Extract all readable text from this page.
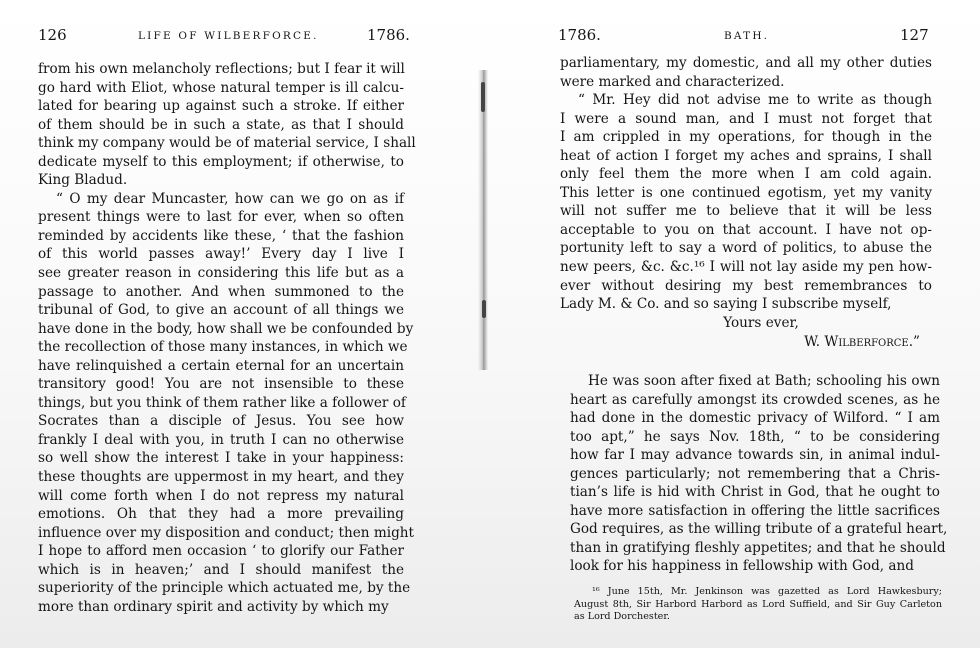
126	LIFE OF WILBERFORCE.	1786.
from his own melancholy reflections; but I fear it will
go hard with Eliot, whose natural temper is ill calcu-
lated for bearing up against such a stroke. If either
of them should be in such a state, as that I should
think my company would be of material service, I shall
dedicate myself to this employment; if otherwise, to
King Bladud.
“ O my dear Muncaster, how can we go on as if
present things were to last for ever, when so often
reminded by accidents like these, ‘ that the fashion
of this world passes away!’ Every day I live I
see greater reason in considering this life but as a
passage to another. And when summoned to the
tribunal of God, to give an account of all things we
have done in the body, how shall we be confounded by
the recollection of those many instances, in which we
have relinquished a certain eternal for an uncertain
transitory good! You are not insensible to these
things, but you think of them rather like a follower of
Socrates than a disciple of Jesus. You see how
frankly I deal with you, in truth I can no otherwise
so well show the interest I take in your happiness:
these thoughts are uppermost in my heart, and they
will come forth when I do not repress my natural
emotions. Oh that they had a more prevailing
influence over my disposition and conduct; then might
I hope to afford men occasion ‘ to glorify our Father
which is in heaven;’ and I should manifest the
superiority of the principle which actuated me, by the
more than ordinary spirit and activity by which my
1786.	BATH.	127
parliamentary, my domestic, and all my other duties
were marked and characterized.
“ Mr. Hey did not advise me to write as though
I were a sound man, and I must not forget that
I am crippled in my operations, for though in the
heat of action I forget my aches and sprains, I shall
only feel them the more when I am cold again.
This letter is one continued egotism, yet my vanity
will not suffer me to believe that it will be less
acceptable to you on that account. I have not op-
portunity left to say a word of politics, to abuse the
new peers, &c. &c.¹⁶ I will not lay aside my pen how-
ever without desiring my best remembrances to
Lady M. & Co. and so saying I subscribe myself,
Yours ever,
W. Wilberforce.”
He was soon after fixed at Bath; schooling his own
heart as carefully amongst its crowded scenes, as he
had done in the domestic privacy of Wilford. “ I am
too apt,” he says Nov. 18th, “ to be considering
how far I may advance towards sin, in animal indul-
gences particularly; not remembering that a Chris-
tian’s life is hid with Christ in God, that he ought to
have more satisfaction in offering the little sacrifices
God requires, as the willing tribute of a grateful heart,
than in gratifying fleshly appetites; and that he should
look for his happiness in fellowship with God, and
¹⁶ June 15th, Mr. Jenkinson was gazetted as Lord Hawkesbury;
August 8th, Sir Harbord Harbord as Lord Suffield, and Sir Guy Carleton
as Lord Dorchester.
